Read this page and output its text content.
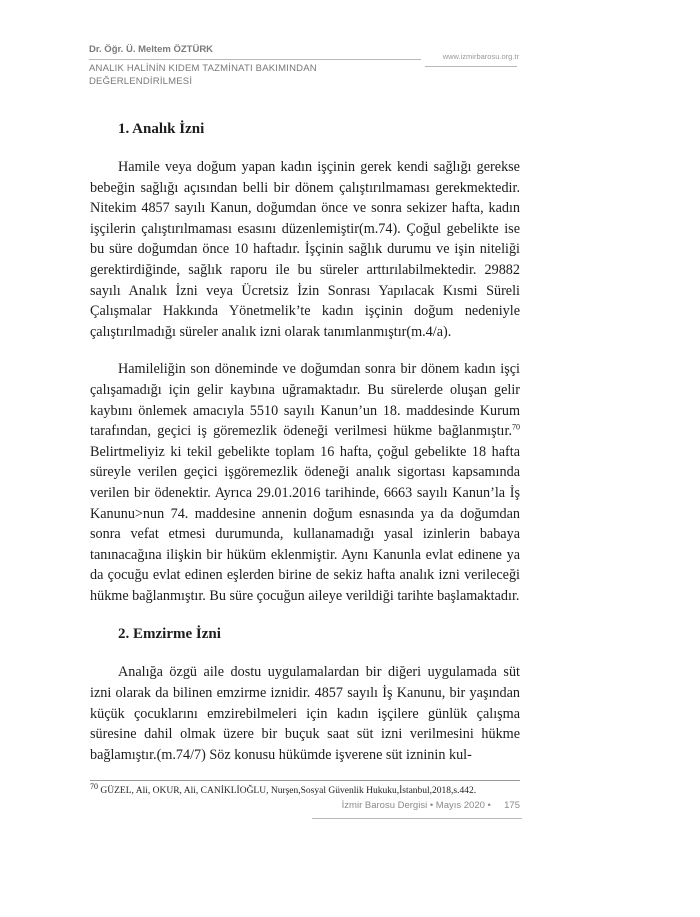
Dr. Öğr. Ü. Meltem ÖZTÜRK
www.izmirbarosu.org.tr
ANALIK HALİNİN KIDEM TAZMİNATI BAKIMINDAN DEĞERLENDİRİLMESİ
1. Analık İzni

Hamile veya doğum yapan kadın işçinin gerek kendi sağlığı gerekse bebeğin sağlığı açısından belli bir dönem çalıştırılmaması gerekmektedir. Nitekim 4857 sayılı Kanun, doğumdan önce ve sonra sekizer hafta, kadın işçilerin çalıştırılmaması esasını düzenlemiştir(m.74). Çoğul gebelikte ise bu süre doğumdan önce 10 haftadır. İşçinin sağlık durumu ve işin niteliği gerektirdiğinde, sağlık raporu ile bu süreler arttırılabilmektedir. 29882 sayılı Analık İzni veya Ücretsiz İzin Sonrası Yapılacak Kısmi Süreli Çalışmalar Hakkında Yönetmelik’te kadın işçinin doğum nedeniyle çalıştırılmadığı süreler analık izni olarak tanımlanmıştır(m.4/a).

Hamileliğin son döneminde ve doğumdan sonra bir dönem kadın işçi çalışamadığı için gelir kaybına uğramaktadır. Bu sürelerde oluşan gelir kaybını önlemek amacıyla 5510 sayılı Kanun’un 18. maddesinde Kurum tarafından, geçici iş göremezlik ödeneği verilmesi hükme bağlanmıştır.$^{70}$ Belirtmeliyiz ki tekil gebelikte toplam 16 hafta, çoğul gebelikte 18 hafta süreyle verilen geçici işgöremezlik ödeneği analık sigortası kapsamında verilen bir ödenektir. Ayrıca 29.01.2016 tarihinde, 6663 sayılı Kanun’la İş Kanunu>nun 74. maddesine annenin doğum esnasında ya da doğumdan sonra vefat etmesi durumunda, kullanamadığı yasal izinlerin babaya tanınacağına ilişkin bir hüküm eklenmiştir. Aynı Kanunla evlat edinene ya da çocuğu evlat edinen eşlerden birine de sekiz hafta analık izni verileceği hükme bağlanmıştır. Bu süre çocuğun aileye verildiği tarihte başlamaktadır.

2. Emzirme İzni

Analığa özgü aile dostu uygulamalardan bir diğeri uygulamada süt izni olarak da bilinen emzirme iznidir. 4857 sayılı İş Kanunu, bir yaşından küçük çocuklarını emzirebilmeleri için kadın işçilere günlük çalışma süresine dahil olmak üzere bir buçuk saat süt izni verilmesini hükme bağlamıştır.(m.74/7) Söz konusu hükümde işverene süt izninin kul-

$^{70}$ GÜZEL, Ali, OKUR, Ali, CANİKLİOĞLU, Nurşen,Sosyal Güvenlik Hukuku,İstanbul,2018,s.442.
İzmir Barosu Dergisi • Mayıs 2020 • 175
